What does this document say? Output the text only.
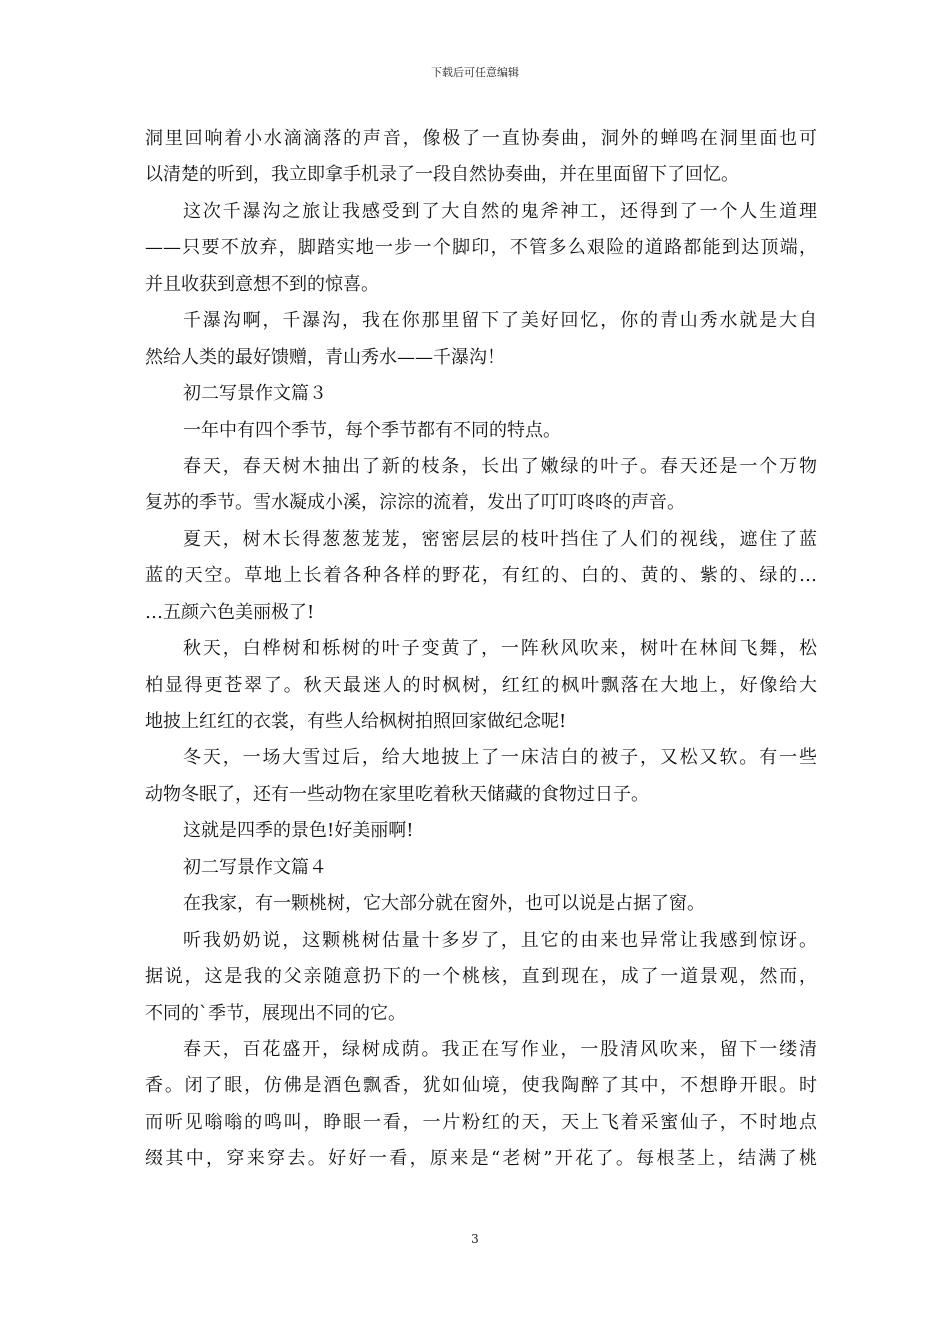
下载后可任意编辑
洞里回响着小水滴滴落的声音，像极了一直协奏曲，洞外的蝉鸣在洞里面也可
以清楚的听到，我立即拿手机录了一段自然协奏曲，并在里面留下了回忆。
这次千瀑沟之旅让我感受到了大自然的鬼斧神工，还得到了一个人生道理
——只要不放弃，脚踏实地一步一个脚印，不管多么艰险的道路都能到达顶端，
并且收获到意想不到的惊喜。
千瀑沟啊，千瀑沟，我在你那里留下了美好回忆，你的青山秀水就是大自
然给人类的最好馈赠，青山秀水——千瀑沟！
初二写景作文篇３
一年中有四个季节，每个季节都有不同的特点。
春天，春天树木抽出了新的枝条，长出了嫩绿的叶子。春天还是一个万物
复苏的季节。雪水凝成小溪，淙淙的流着，发出了叮叮咚咚的声音。
夏天，树木长得葱葱茏茏，密密层层的枝叶挡住了人们的视线，遮住了蓝
蓝的天空。草地上长着各种各样的野花，有红的、白的、黄的、紫的、绿的…
…五颜六色美丽极了!
秋天，白桦树和栎树的叶子变黄了，一阵秋风吹来，树叶在林间飞舞，松
柏显得更苍翠了。秋天最迷人的时枫树，红红的枫叶飘落在大地上，好像给大
地披上红红的衣裳，有些人给枫树拍照回家做纪念呢!
冬天，一场大雪过后，给大地披上了一床洁白的被子，又松又软。有一些
动物冬眠了，还有一些动物在家里吃着秋天储藏的食物过日子。
这就是四季的景色!好美丽啊!
初二写景作文篇４
在我家，有一颗桃树，它大部分就在窗外，也可以说是占据了窗。
听我奶奶说，这颗桃树估量十多岁了，且它的由来也异常让我感到惊讶。
据说，这是我的父亲随意扔下的一个桃核，直到现在，成了一道景观，然而，
不同的`季节，展现出不同的它。
春天，百花盛开，绿树成荫。我正在写作业，一股清风吹来，留下一缕清
香。闭了眼，仿佛是酒色飘香，犹如仙境，使我陶醉了其中，不想睁开眼。时
而听见嗡嗡的鸣叫，睁眼一看，一片粉红的天，天上飞着采蜜仙子，不时地点
缀其中，穿来穿去。好好一看，原来是“老树”开花了。每根茎上，结满了桃
3
